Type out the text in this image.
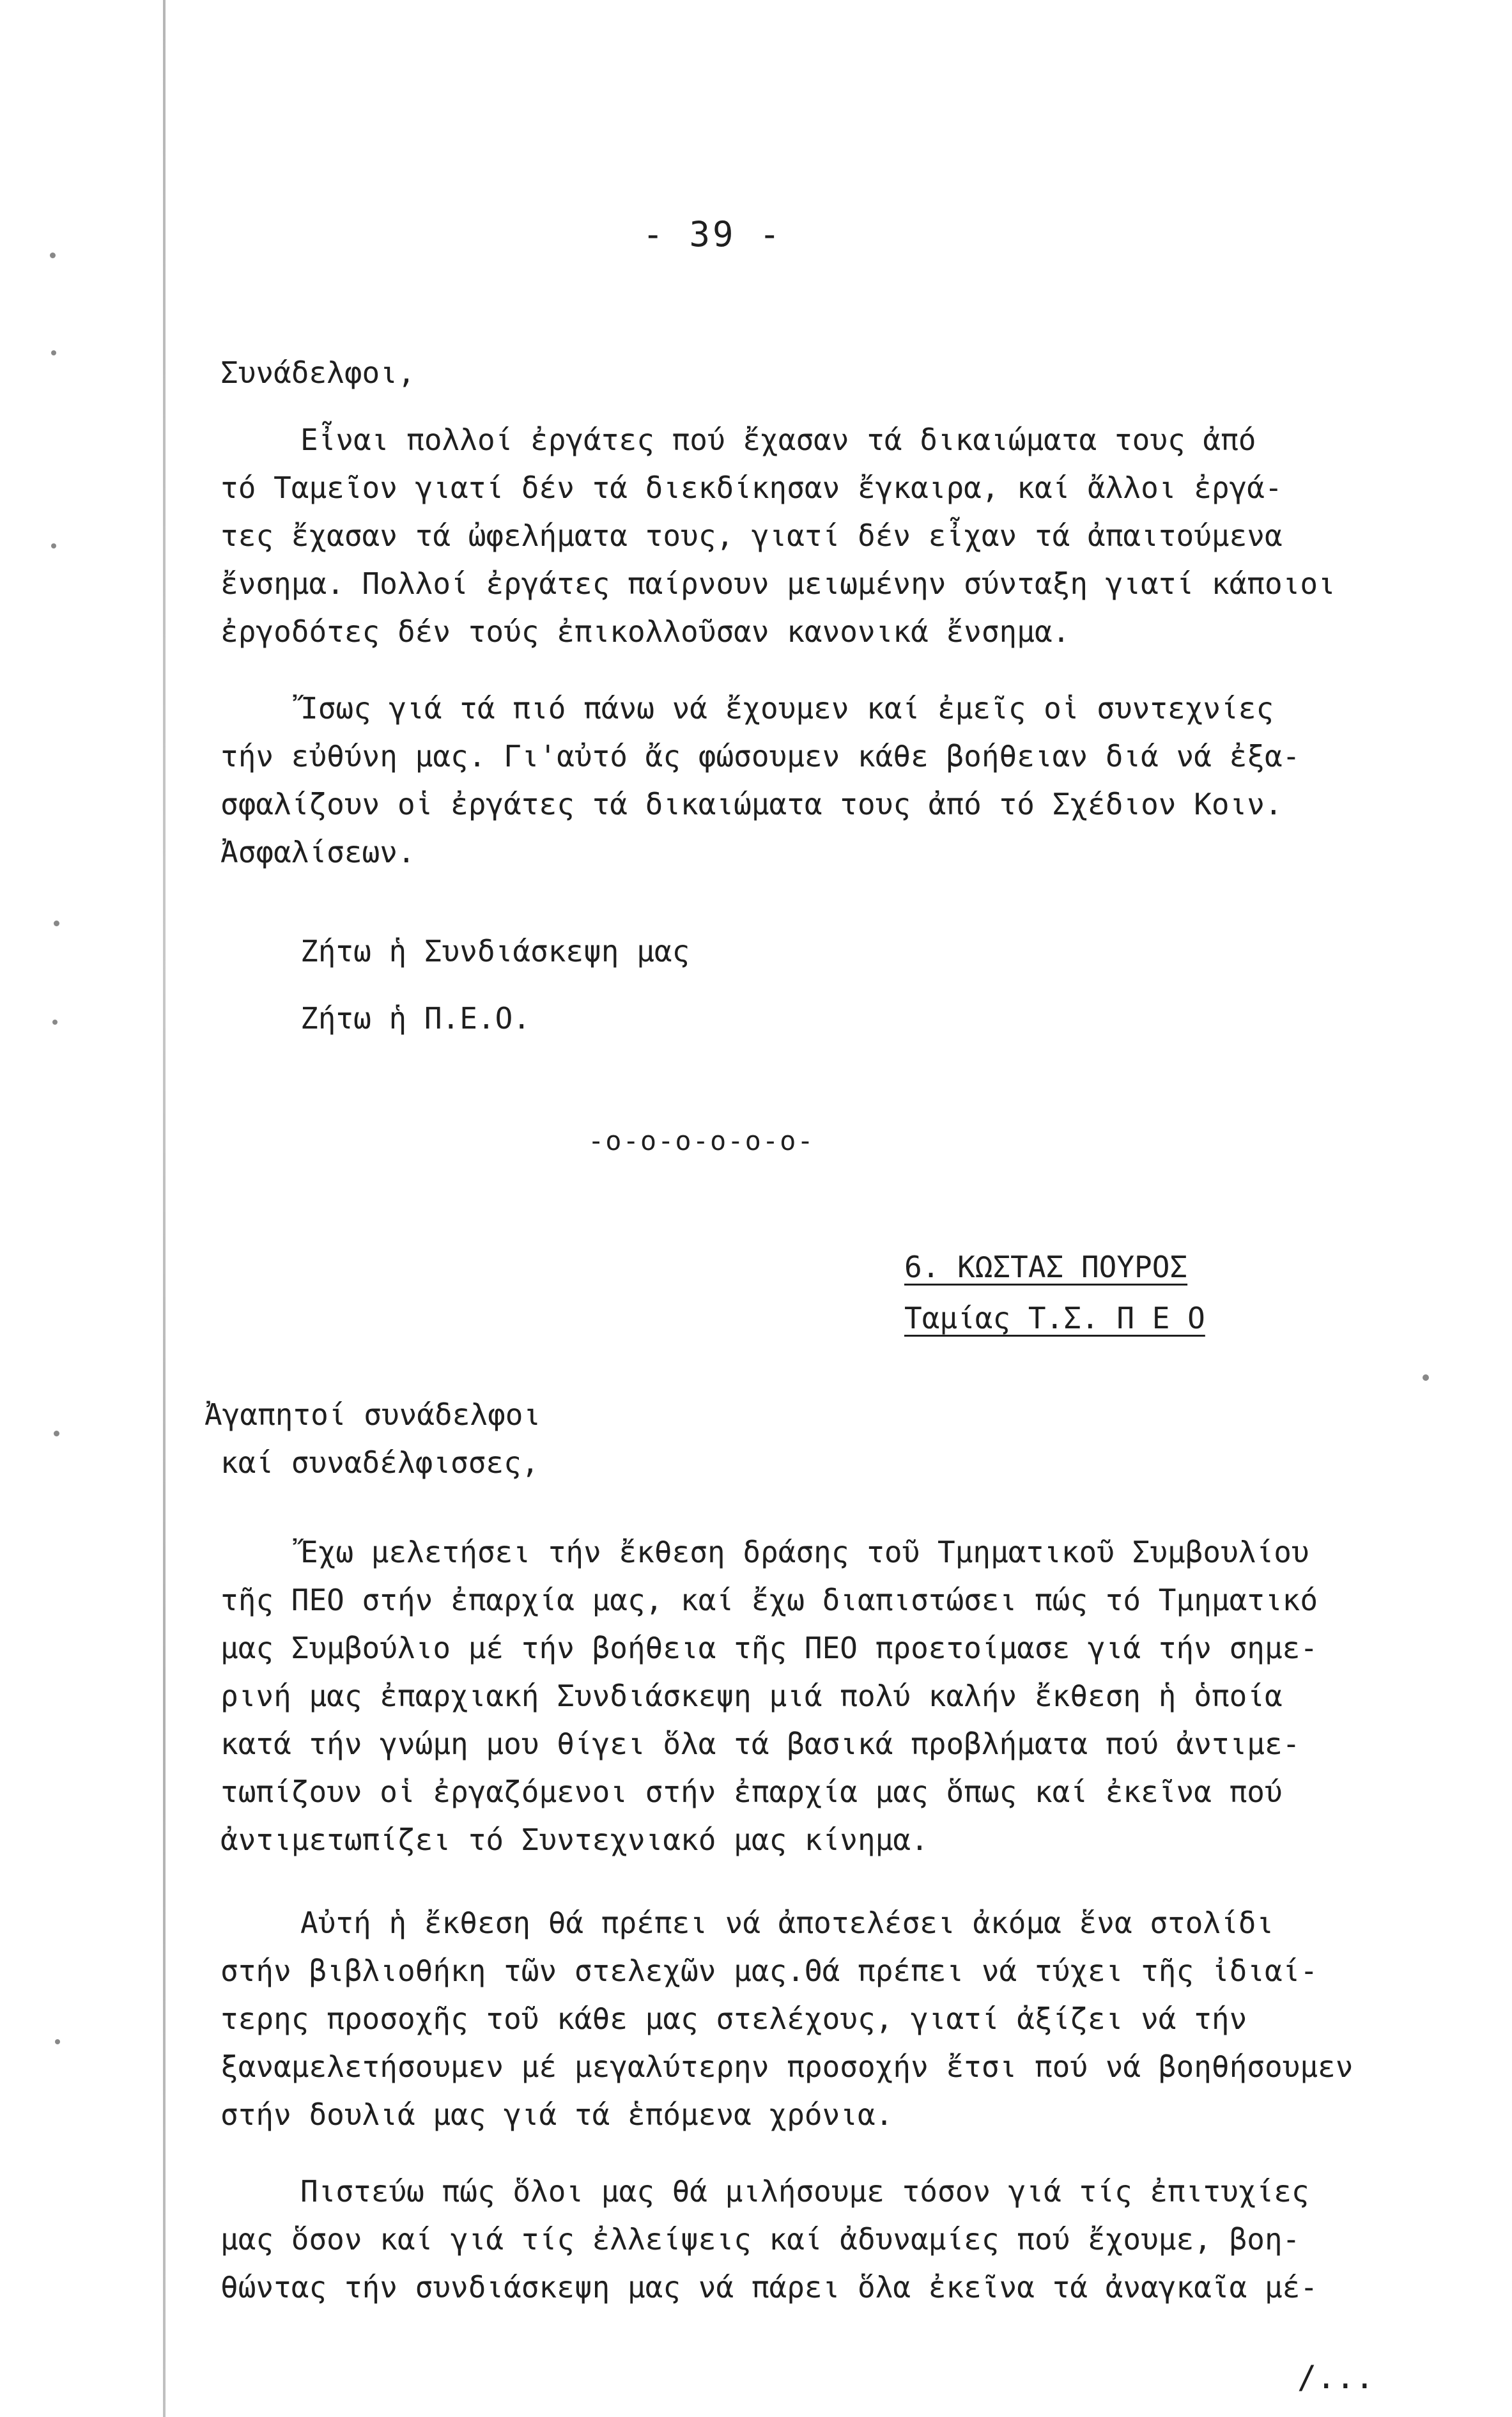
- 39 -
Συνάδελφοι,
Εἶναι πολλοί ἐργάτες πού ἔχασαν τά δικαιώματα τους ἀπό
τό Ταμεῖον γιατί δέν τά διεκδίκησαν ἔγκαιρα, καί ἄλλοι ἐργά-
τες ἔχασαν τά ὠφελήματα τους, γιατί δέν εἶχαν τά ἀπαιτούμενα
ἔνσημα. Πολλοί ἐργάτες παίρνουν μειωμένην σύνταξη γιατί κάποιοι
ἐργοδότες δέν τούς ἐπικολλοῦσαν κανονικά ἔνσημα.
Ἴσως γιά τά πιό πάνω νά ἔχουμεν καί ἐμεῖς οἱ συντεχνίες
τήν εὐθύνη μας. Γι'αὐτό ἄς φώσουμεν κάθε βοήθειαν διά νά ἐξα-
σφαλίζουν οἱ ἐργάτες τά δικαιώματα τους ἀπό τό Σχέδιον Κοιν.
Ἀσφαλίσεων.
Ζήτω ἡ Συνδιάσκεψη μας
Ζήτω ἡ Π.Ε.Ο.
-o-o-o-o-o-o-
6. ΚΩΣΤΑΣ ΠΟΥΡΟΣ
Ταμίας Τ.Σ. Π Ε Ο
Ἀγαπητοί συνάδελφοι
καί συναδέλφισσες,
Ἔχω μελετήσει τήν ἔκθεση δράσης τοῦ Τμηματικοῦ Συμβουλίου
τῆς ΠΕΟ στήν ἐπαρχία μας, καί ἔχω διαπιστώσει πώς τό Τμηματικό
μας Συμβούλιο μέ τήν βοήθεια τῆς ΠΕΟ προετοίμασε γιά τήν σημε-
ρινή μας ἐπαρχιακή Συνδιάσκεψη μιά πολύ καλήν ἔκθεση ἡ ὁποία
κατά τήν γνώμη μου θίγει ὅλα τά βασικά προβλήματα πού ἀντιμε-
τωπίζουν οἱ ἐργαζόμενοι στήν ἐπαρχία μας ὅπως καί ἐκεῖνα πού
ἀντιμετωπίζει τό Συντεχνιακό μας κίνημα.
Αὐτή ἡ ἔκθεση θά πρέπει νά ἀποτελέσει ἀκόμα ἕνα στολίδι
στήν βιβλιοθήκη τῶν στελεχῶν μας.Θά πρέπει νά τύχει τῆς ἰδιαί-
τερης προσοχῆς τοῦ κάθε μας στελέχους, γιατί ἀξίζει νά τήν
ξαναμελετήσουμεν μέ μεγαλύτερην προσοχήν ἔτσι πού νά βοηθήσουμεν
στήν δουλιά μας γιά τά ἑπόμενα χρόνια.
Πιστεύω πώς ὅλοι μας θά μιλήσουμε τόσον γιά τίς ἐπιτυχίες
μας ὅσον καί γιά τίς ἐλλείψεις καί ἀδυναμίες πού ἔχουμε, βοη-
θώντας τήν συνδιάσκεψη μας νά πάρει ὅλα ἐκεῖνα τά ἀναγκαῖα μέ-
/...
